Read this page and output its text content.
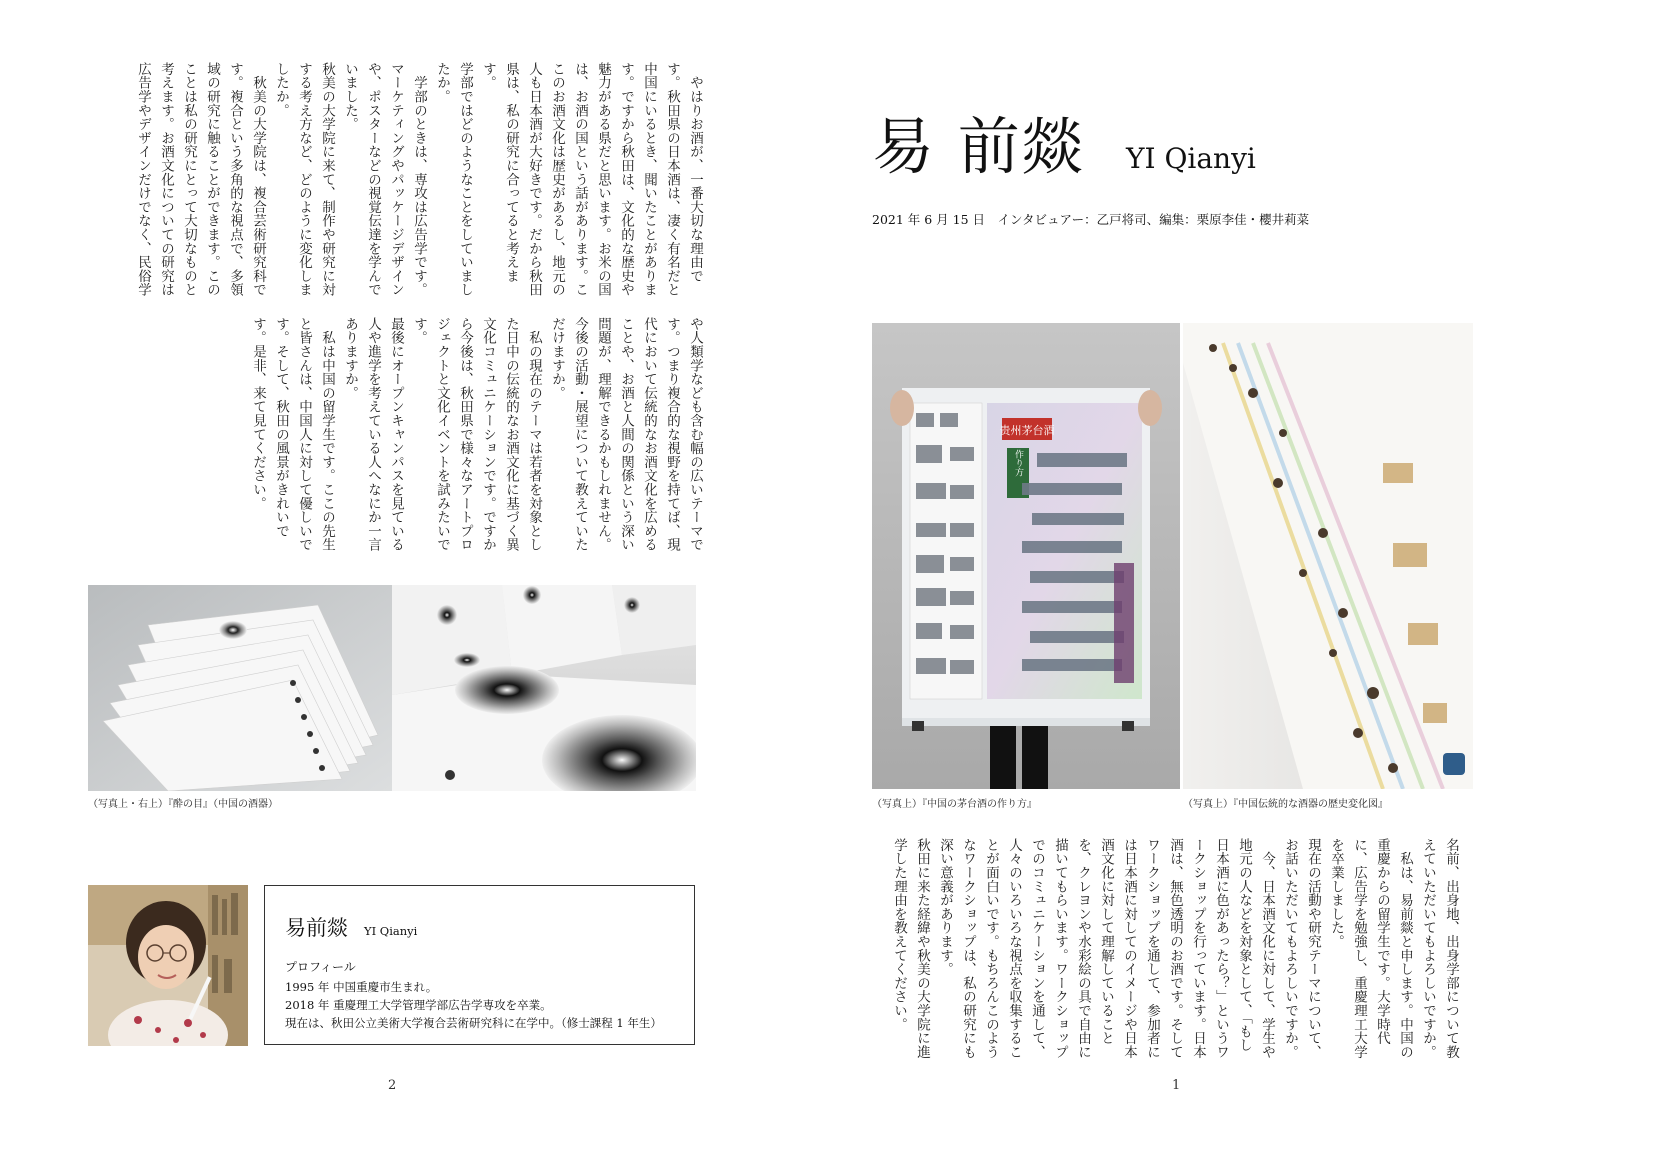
　やはりお酒が、一番大切な理由です。秋田県の日本酒は、凄く有名だと中国にいるとき、聞いたことがあります。ですから秋田は、文化的な歴史や魅力がある県だと思います。お米の国は、お酒の国という話があります。ここのお酒文化は歴史があるし、地元の人も日本酒が大好きです。だから秋田県は、私の研究に合ってると考えます。
学部ではどのようなことをしていましたか。
　学部のときは、専攻は広告学です。マーケティングやパッケージデザインや、ポスターなどの視覚伝達を学んでいました。
秋美の大学院に来て、制作や研究に対する考え方など、どのように変化しましたか。
　秋美の大学院は、複合芸術研究科です。複合という多角的な視点で、多領域の研究に触ることができます。このことは私の研究にとって大切なものと考えます。お酒文化についての研究は広告学やデザインだけでなく、民俗学
や人類学なども含む幅の広いテーマです。つまり複合的な視野を持てば、現代において伝統的なお酒文化を広めることや、お酒と人間の関係という深い問題が、理解できるかもしれません。
今後の活動・展望について教えていただけますか。
　私の現在のテーマは若者を対象とした日中の伝統的なお酒文化に基づく異文化コミュニケーションです。ですから今後は、秋田県で様々なアートプロジェクトと文化イベントを試みたいです。
最後にオープンキャンパスを見ている人や進学を考えている人へなにか一言ありますか。
　私は中国の留学生です。ここの先生と皆さんは、中国人に対して優しいです。そして、秋田の風景がきれいです。是非、来て見てください。
（写真上・右上）『酔の目』（中国の酒器）
易前燚 YI Qianyi
プロフィール
1995 年 中国重慶市生まれ。
2018 年 重慶理工大学管理学部広告学専攻を卒業。
現在は、秋田公立美術大学複合芸術研究科に在学中。（修士課程 1 年生）
2
易 前燚 YI Qianyi
2021 年 6 月 15 日　インタビュアー：乙戸将司、編集：栗原李佳・櫻井莉菜
贵州茅台酒
作り方
（写真上）『中国の茅台酒の作り方』	（写真上）『中国伝統的な酒器の歴史変化図』
名前、出身地、出身学部について教えていただいてもよろしいですか。
　私は、易前燚と申します。中国の重慶からの留学生です。大学時代に、広告学を勉強し、重慶理工大学を卒業しました。
現在の活動や研究テーマについて、お話いただいてもよろしいですか。
　今、日本酒文化に対して、学生や地元の人などを対象として、「もし日本酒に色があったら？」というワークショップを行っています。日本酒は、無色透明のお酒です。そしてワークショップを通して、参加者には日本酒に対してのイメージや日本酒文化に対して理解していることを、クレヨンや水彩絵の具で自由に描いてもらいます。ワークショップでのコミュニケーションを通して、人々のいろいろな視点を収集することが面白いです。もちろんこのようなワークショップは、私の研究にも深い意義があります。
秋田に来た経緯や秋美の大学院に進学した理由を教えてください。
1
